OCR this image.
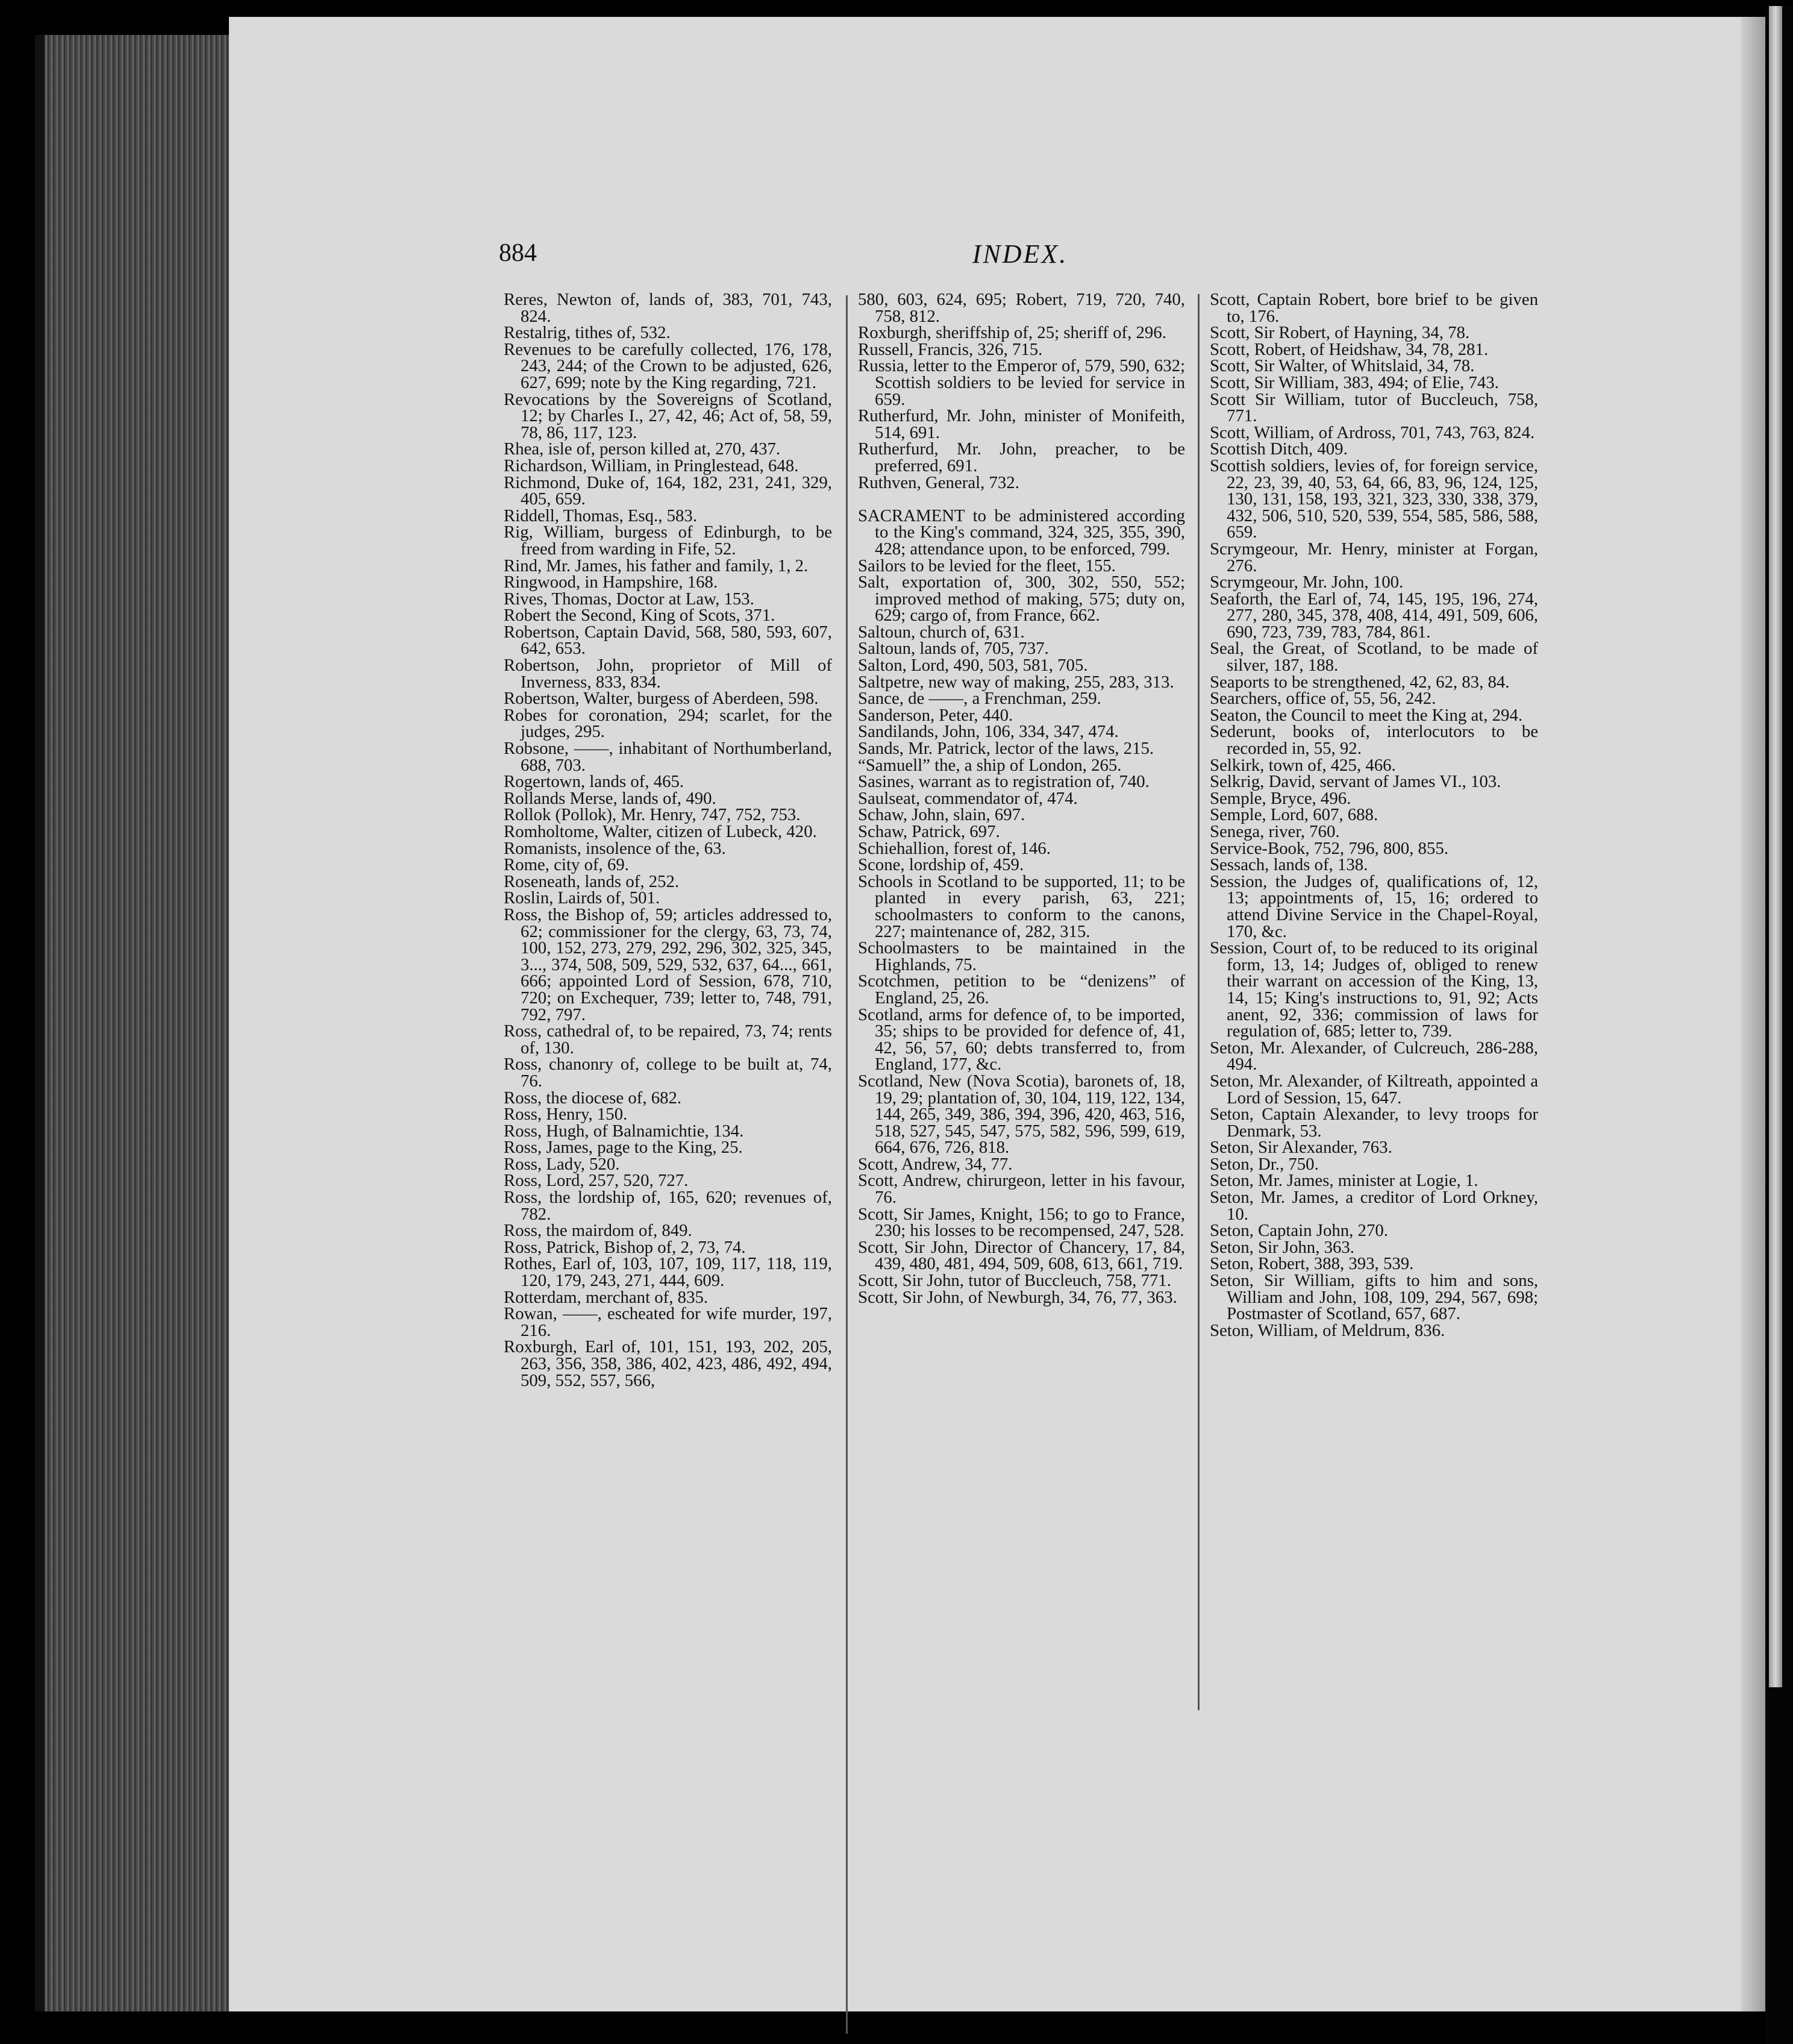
884	INDEX.
Reres, Newton of, lands of, 383, 701, 743, 824.
Restalrig, tithes of, 532.
Revenues to be carefully collected, 176, 178, 243, 244; of the Crown to be adjusted, 626, 627, 699; note by the King regarding, 721.
Revocations by the Sovereigns of Scotland, 12; by Charles I., 27, 42, 46; Act of, 58, 59, 78, 86, 117, 123.
Rhea, isle of, person killed at, 270, 437.
Richardson, William, in Pringlestead, 648.
Richmond, Duke of, 164, 182, 231, 241, 329, 405, 659.
Riddell, Thomas, Esq., 583.
Rig, William, burgess of Edinburgh, to be freed from warding in Fife, 52.
Rind, Mr. James, his father and family, 1, 2.
Ringwood, in Hampshire, 168.
Rives, Thomas, Doctor at Law, 153.
Robert the Second, King of Scots, 371.
Robertson, Captain David, 568, 580, 593, 607, 642, 653.
Robertson, John, proprietor of Mill of Inverness, 833, 834.
Robertson, Walter, burgess of Aberdeen, 598.
Robes for coronation, 294; scarlet, for the judges, 295.
Robsone, ——, inhabitant of Northumberland, 688, 703.
Rogertown, lands of, 465.
Rollands Merse, lands of, 490.
Rollok (Pollok), Mr. Henry, 747, 752, 753.
Romholtome, Walter, citizen of Lubeck, 420.
Romanists, insolence of the, 63.
Rome, city of, 69.
Roseneath, lands of, 252.
Roslin, Lairds of, 501.
Ross, the Bishop of, 59; articles addressed to, 62; commissioner for the clergy, 63, 73, 74, 100, 152, 273, 279, 292, 296, 302, 325, 345, 3..., 374, 508, 509, 529, 532, 637, 64..., 661, 666; appointed Lord of Session, 678, 710, 720; on Exchequer, 739; letter to, 748, 791, 792, 797.
Ross, cathedral of, to be repaired, 73, 74; rents of, 130.
Ross, chanonry of, college to be built at, 74, 76.
Ross, the diocese of, 682.
Ross, Henry, 150.
Ross, Hugh, of Balnamichtie, 134.
Ross, James, page to the King, 25.
Ross, Lady, 520.
Ross, Lord, 257, 520, 727.
Ross, the lordship of, 165, 620; revenues of, 782.
Ross, the mairdom of, 849.
Ross, Patrick, Bishop of, 2, 73, 74.
Rothes, Earl of, 103, 107, 109, 117, 118, 119, 120, 179, 243, 271, 444, 609.
Rotterdam, merchant of, 835.
Rowan, ——, escheated for wife murder, 197, 216.
Roxburgh, Earl of, 101, 151, 193, 202, 205, 263, 356, 358, 386, 402, 423, 486, 492, 494, 509, 552, 557, 566,
580, 603, 624, 695; Robert, 719, 720, 740, 758, 812.
Roxburgh, sheriffship of, 25; sheriff of, 296.
Russell, Francis, 326, 715.
Russia, letter to the Emperor of, 579, 590, 632; Scottish soldiers to be levied for service in 659.
Rutherfurd, Mr. John, minister of Monifeith, 514, 691.
Rutherfurd, Mr. John, preacher, to be preferred, 691.
Ruthven, General, 732.
SACRAMENT to be administered according to the King's command, 324, 325, 355, 390, 428; attendance upon, to be enforced, 799.
Sailors to be levied for the fleet, 155.
Salt, exportation of, 300, 302, 550, 552; improved method of making, 575; duty on, 629; cargo of, from France, 662.
Saltoun, church of, 631.
Saltoun, lands of, 705, 737.
Salton, Lord, 490, 503, 581, 705.
Saltpetre, new way of making, 255, 283, 313.
Sance, de ——, a Frenchman, 259.
Sanderson, Peter, 440.
Sandilands, John, 106, 334, 347, 474.
Sands, Mr. Patrick, lector of the laws, 215.
“Samuell” the, a ship of London, 265.
Sasines, warrant as to registration of, 740.
Saulseat, commendator of, 474.
Schaw, John, slain, 697.
Schaw, Patrick, 697.
Schiehallion, forest of, 146.
Scone, lordship of, 459.
Schools in Scotland to be supported, 11; to be planted in every parish, 63, 221; schoolmasters to conform to the canons, 227; maintenance of, 282, 315.
Schoolmasters to be maintained in the Highlands, 75.
Scotchmen, petition to be “denizens” of England, 25, 26.
Scotland, arms for defence of, to be imported, 35; ships to be provided for defence of, 41, 42, 56, 57, 60; debts transferred to, from England, 177, &c.
Scotland, New (Nova Scotia), baronets of, 18, 19, 29; plantation of, 30, 104, 119, 122, 134, 144, 265, 349, 386, 394, 396, 420, 463, 516, 518, 527, 545, 547, 575, 582, 596, 599, 619, 664, 676, 726, 818.
Scott, Andrew, 34, 77.
Scott, Andrew, chirurgeon, letter in his favour, 76.
Scott, Sir James, Knight, 156; to go to France, 230; his losses to be recompensed, 247, 528.
Scott, Sir John, Director of Chancery, 17, 84, 439, 480, 481, 494, 509, 608, 613, 661, 719.
Scott, Sir John, tutor of Buccleuch, 758, 771.
Scott, Sir John, of Newburgh, 34, 76, 77, 363.
Scott, Captain Robert, bore brief to be given to, 176.
Scott, Sir Robert, of Hayning, 34, 78.
Scott, Robert, of Heidshaw, 34, 78, 281.
Scott, Sir Walter, of Whitslaid, 34, 78.
Scott, Sir William, 383, 494; of Elie, 743.
Scott Sir William, tutor of Buccleuch, 758, 771.
Scott, William, of Ardross, 701, 743, 763, 824.
Scottish Ditch, 409.
Scottish soldiers, levies of, for foreign service, 22, 23, 39, 40, 53, 64, 66, 83, 96, 124, 125, 130, 131, 158, 193, 321, 323, 330, 338, 379, 432, 506, 510, 520, 539, 554, 585, 586, 588, 659.
Scrymgeour, Mr. Henry, minister at Forgan, 276.
Scrymgeour, Mr. John, 100.
Seaforth, the Earl of, 74, 145, 195, 196, 274, 277, 280, 345, 378, 408, 414, 491, 509, 606, 690, 723, 739, 783, 784, 861.
Seal, the Great, of Scotland, to be made of silver, 187, 188.
Seaports to be strengthened, 42, 62, 83, 84.
Searchers, office of, 55, 56, 242.
Seaton, the Council to meet the King at, 294.
Sederunt, books of, interlocutors to be recorded in, 55, 92.
Selkirk, town of, 425, 466.
Selkrig, David, servant of James VI., 103.
Semple, Bryce, 496.
Semple, Lord, 607, 688.
Senega, river, 760.
Service-Book, 752, 796, 800, 855.
Sessach, lands of, 138.
Session, the Judges of, qualifications of, 12, 13; appointments of, 15, 16; ordered to attend Divine Service in the Chapel-Royal, 170, &c.
Session, Court of, to be reduced to its original form, 13, 14; Judges of, obliged to renew their warrant on accession of the King, 13, 14, 15; King's instructions to, 91, 92; Acts anent, 92, 336; commission of laws for regulation of, 685; letter to, 739.
Seton, Mr. Alexander, of Culcreuch, 286-288, 494.
Seton, Mr. Alexander, of Kiltreath, appointed a Lord of Session, 15, 647.
Seton, Captain Alexander, to levy troops for Denmark, 53.
Seton, Sir Alexander, 763.
Seton, Dr., 750.
Seton, Mr. James, minister at Logie, 1.
Seton, Mr. James, a creditor of Lord Orkney, 10.
Seton, Captain John, 270.
Seton, Sir John, 363.
Seton, Robert, 388, 393, 539.
Seton, Sir William, gifts to him and sons, William and John, 108, 109, 294, 567, 698; Postmaster of Scotland, 657, 687.
Seton, William, of Meldrum, 836.
